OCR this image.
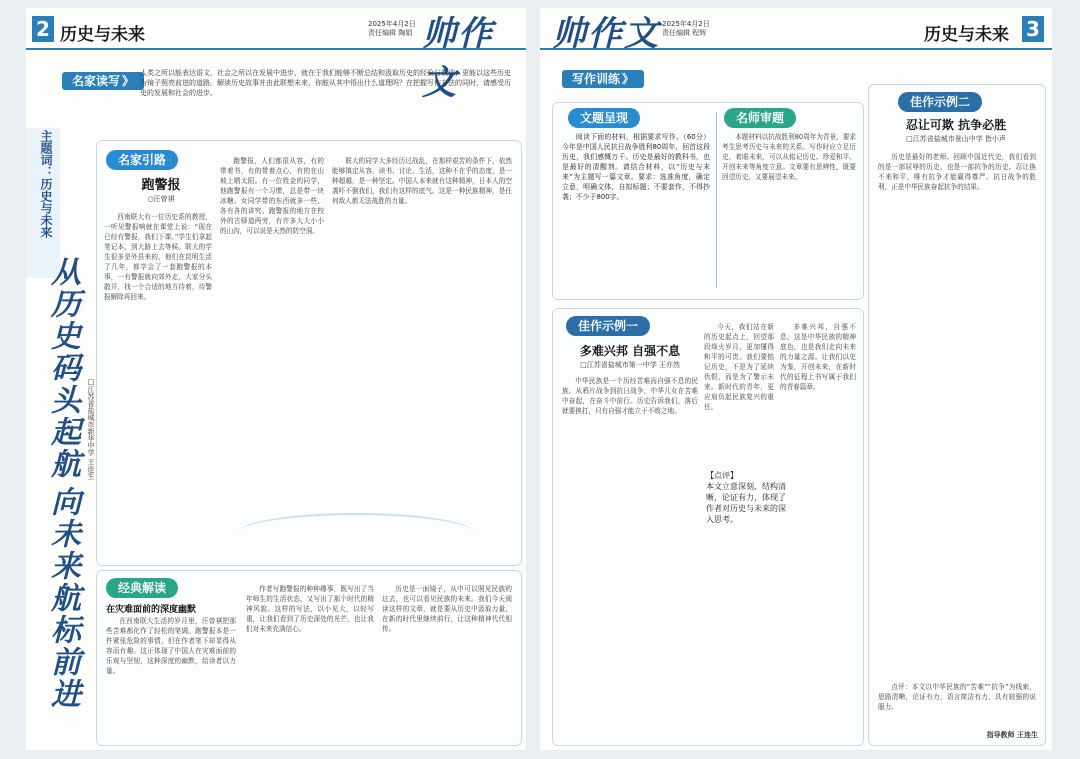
2 历史与未来
2025年4月2日
责任编辑 陶娟 帅作文
名家读写 》
人类之所以能表达语文，社会之所以在发展中进步，就在于我们能够不断总结和汲取历史的经验与教训，更能以这些历史为镜子照亮前进的道路。解读历史故事并由此联想未来，你能从其中悟出什么道理吗？在把握写作方法的同时，请感受历史的发展和社会的进步。
主题词：历史与未来
从历史码头起航
向未来航标前进
□江苏省盐城市新华中学 王连生
名家引路
跑警报
○汪曾祺
西南联大有一位历史系的教授，一听见警报响就在课堂上说：“现在已经有警报，我们下课。”学生们拿起笔记本，到大路上去等候。联大的学生很多是外县来的，他们在昆明生活了几年，都学会了一套跑警报的本事，一有警报就向郊外走，大家分头散开，找一个合适的地方待着，待警报解除再回来。
跑警报，人们都很从容，有的带着书，有的带着点心，有的在山坡上晒太阳。有一位姓金的同学，他跑警报有一个习惯，总是带一块冰糖。女同学带的东西就多一些，各有各的讲究。跑警报的地方在校外的古驿道两旁，有许多大大小小的山沟，可以说是天然的防空洞。
联大的同学大多经历过战乱，在那样艰苦的条件下，依然能够镇定从容，读书、讨论、生活，这种不在乎的态度，是一种超越，是一种坚定。中国人本来就有这种精神，日本人的空袭吓不倒我们，我们有这样的底气。这是一种民族精神，是任何敌人都无法战胜的力量。
经典解读
在灾难面前的深度幽默
在西南联大生活的岁月里，汪曾祺把那些苦难都化作了轻松的笔调。跑警报本是一件紧张危险的事情，但在作者笔下却显得从容而有趣。这正体现了中国人在灾难面前的乐观与坚韧，这种深度的幽默，给读者以力量。
作者写跑警报的种种趣事，既写出了当年师生的生活状态，又写出了那个时代的精神风貌。这样的写法，以小见大，以轻写重，让我们看到了历史深处的光芒，也让我们对未来充满信心。
历史是一面镜子，从中可以照见民族的过去，也可以看见民族的未来。我们今天阅读这样的文章，就是要从历史中汲取力量，在新的时代里继续前行，让这种精神代代相传。
帅作文 2025年4月2日
责任编辑 程辉	历史与未来 3
写作训练 》
文题呈现
阅读下面的材料，根据要求写作。（60分）今年是中国人民抗日战争胜利80周年，回首这段历史，我们感慨万千。历史是最好的教科书，也是最好的清醒剂。请结合材料，以“历史与未来”为主题写一篇文章。要求：选准角度，确定立意，明确文体，自拟标题；不要套作，不得抄袭；不少于800字。
名师审题
本题材料以抗战胜利80周年为背景，要求考生思考历史与未来的关系。写作时应立足历史，着眼未来，可以从铭记历史、珍爱和平、开创未来等角度立意。文章要有思辨性，既要回望历史，又要展望未来。
佳作示例一
多难兴邦 自强不息
□江苏省盐城市第一中学 王亦然
中华民族是一个历经苦难而自强不息的民族。从鸦片战争到抗日战争，中华儿女在苦难中奋起，在奋斗中前行。历史告诉我们，落后就要挨打，只有自强才能立于不败之地。
今天，我们站在新的历史起点上，回望那段烽火岁月，更加懂得和平的可贵。我们要铭记历史，不是为了延续仇恨，而是为了警示未来。新时代的青年，更应肩负起民族复兴的重任。
多难兴邦，自强不息。这是中华民族的精神底色，也是我们走向未来的力量之源。让我们以史为鉴，开创未来，在新时代的征程上书写属于我们的青春篇章。
【点评】
本文立意深刻，结构清晰，论证有力，体现了作者对历史与未来的深入思考。
佳作示例二
忍让可欺 抗争必胜
□江苏省盐城市景山中学 皆小声
历史是最好的老师。回顾中国近代史，我们看到的是一部屈辱的历史，也是一部抗争的历史。忍让换不来和平，唯有抗争才能赢得尊严。抗日战争的胜利，正是中华民族奋起抗争的结果。
点评：本文以中华民族的“苦难”“抗争”为线索，思路清晰，论证有力，语言简洁有力，具有较强的说服力。
指导教师 王连生
